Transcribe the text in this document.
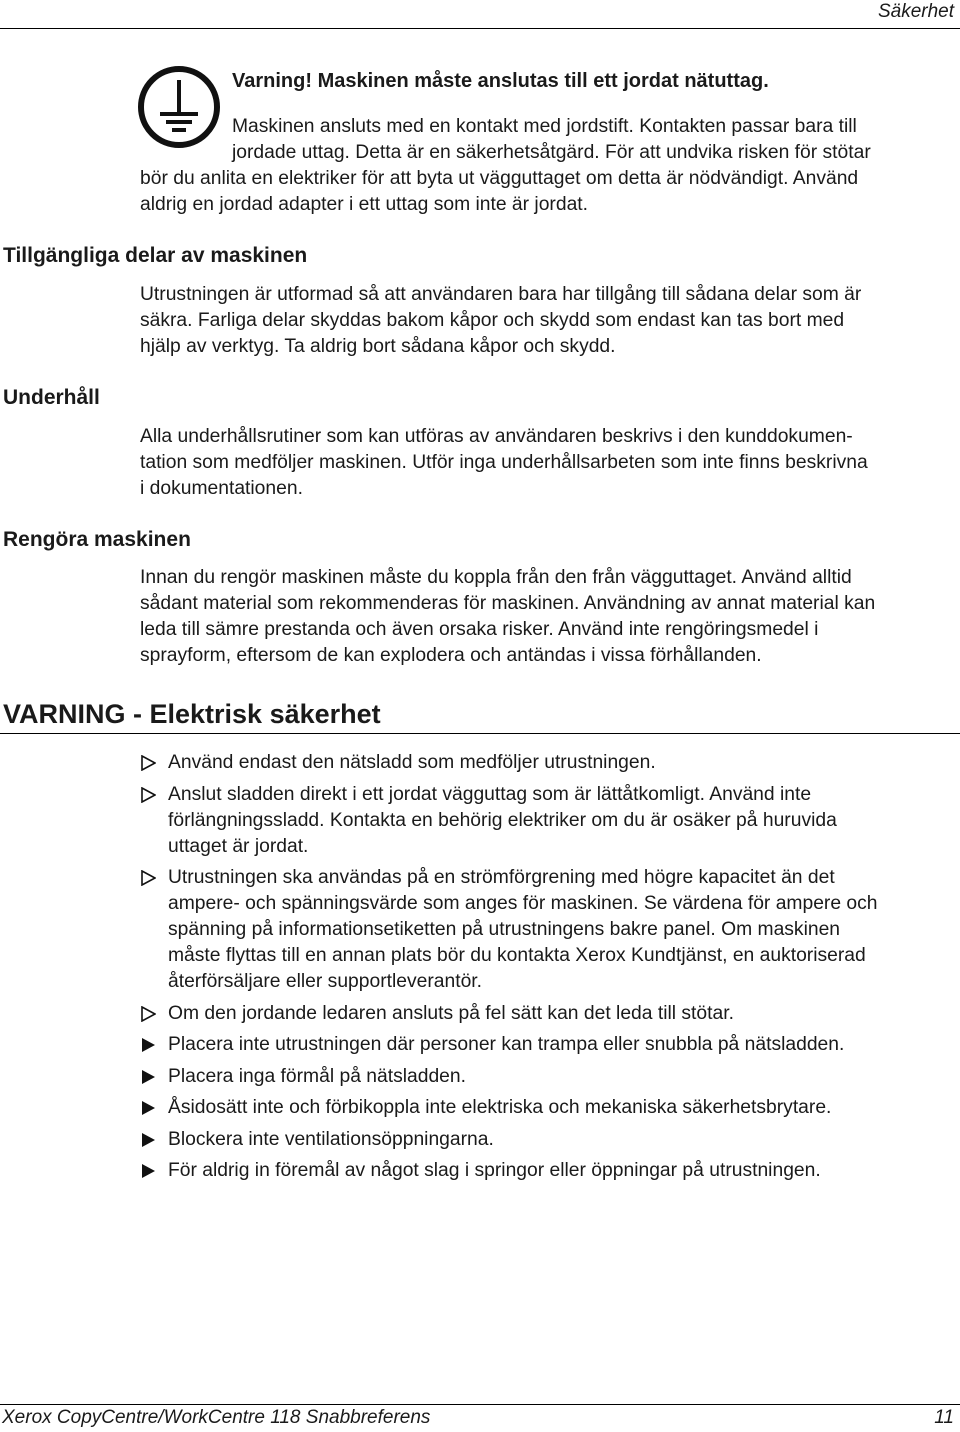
Säkerhet
Varning! Maskinen måste anslutas till ett jordat nätuttag.
Maskinen ansluts med en kontakt med jordstift. Kontakten passar bara till
jordade uttag. Detta är en säkerhetsåtgärd. För att undvika risken för stötar
bör du anlita en elektriker för att byta ut vägguttaget om detta är nödvändigt. Använd
aldrig en jordad adapter i ett uttag som inte är jordat.
Tillgängliga delar av maskinen
Utrustningen är utformad så att användaren bara har tillgång till sådana delar som är
säkra. Farliga delar skyddas bakom kåpor och skydd som endast kan tas bort med
hjälp av verktyg. Ta aldrig bort sådana kåpor och skydd.
Underhåll
Alla underhållsrutiner som kan utföras av användaren beskrivs i den kunddokumen-
tation som medföljer maskinen. Utför inga underhållsarbeten som inte finns beskrivna
i dokumentationen.
Rengöra maskinen
Innan du rengör maskinen måste du koppla från den från vägguttaget. Använd alltid
sådant material som rekommenderas för maskinen. Användning av annat material kan
leda till sämre prestanda och även orsaka risker. Använd inte rengöringsmedel i
sprayform, eftersom de kan explodera och antändas i vissa förhållanden.
VARNING - Elektrisk säkerhet
Använd endast den nätsladd som medföljer utrustningen.
Anslut sladden direkt i ett jordat vägguttag som är lättåtkomligt. Använd inte
förlängningssladd. Kontakta en behörig elektriker om du är osäker på huruvida
uttaget är jordat.
Utrustningen ska användas på en strömförgrening med högre kapacitet än det
ampere- och spänningsvärde som anges för maskinen. Se värdena för ampere och
spänning på informationsetiketten på utrustningens bakre panel. Om maskinen
måste flyttas till en annan plats bör du kontakta Xerox Kundtjänst, en auktoriserad
återförsäljare eller supportleverantör.
Om den jordande ledaren ansluts på fel sätt kan det leda till stötar.
Placera inte utrustningen där personer kan trampa eller snubbla på nätsladden.
Placera inga förmål på nätsladden.
Åsidosätt inte och förbikoppla inte elektriska och mekaniska säkerhetsbrytare.
Blockera inte ventilationsöppningarna.
För aldrig in föremål av något slag i springor eller öppningar på utrustningen.
Xerox CopyCentre/WorkCentre 118 Snabbreferens	11
